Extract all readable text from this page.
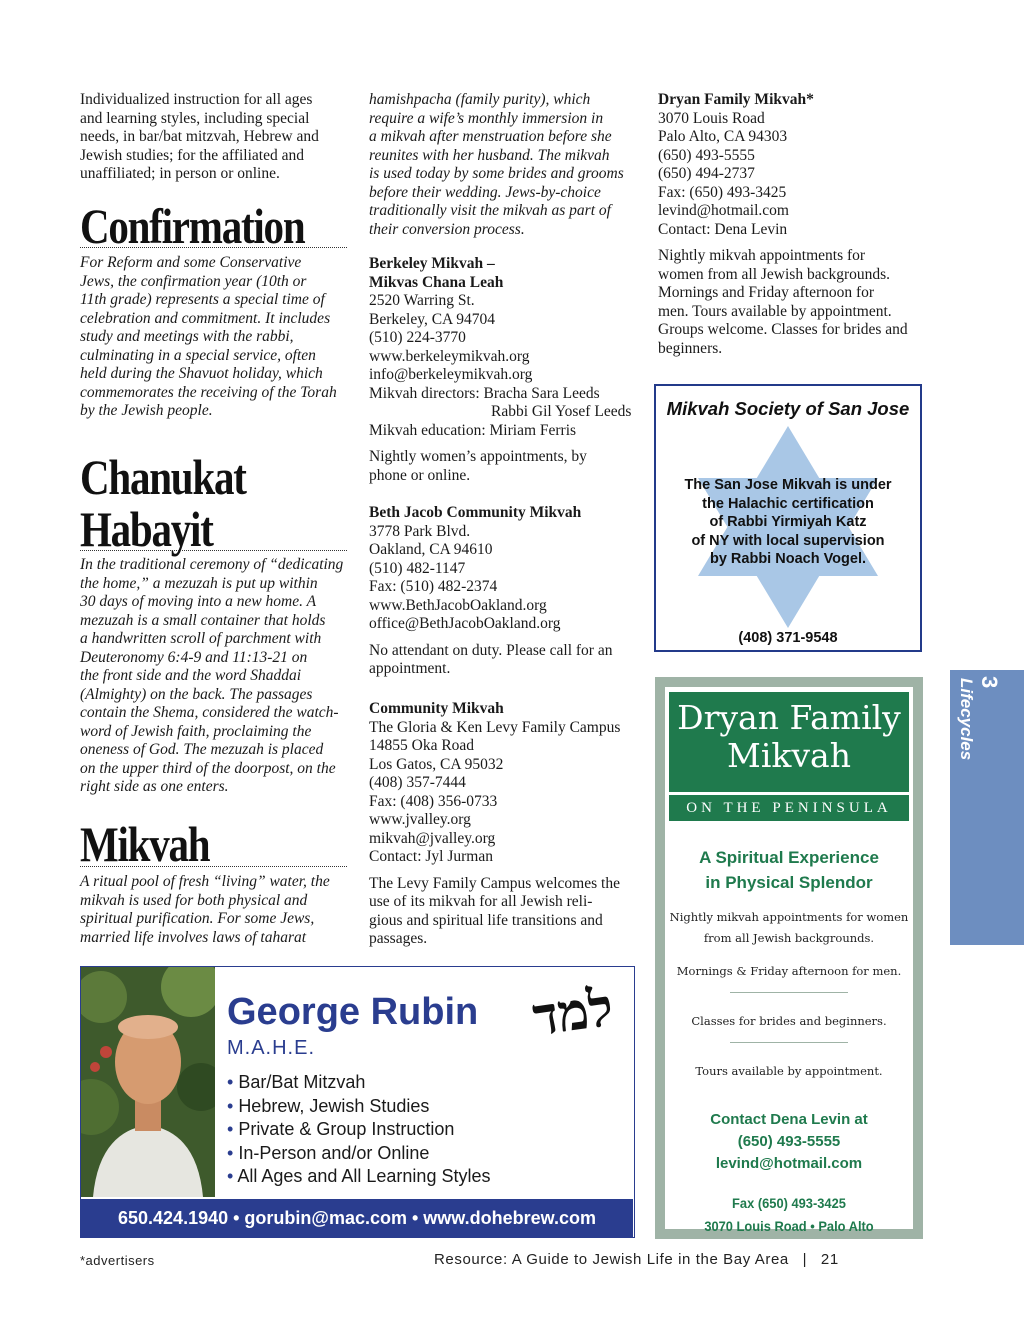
Individualized instruction for all ages
and learning styles, including special
needs, in bar/bat mitzvah, Hebrew and
Jewish studies; for the affiliated and
unaffiliated; in person or online.
Confirmation
For Reform and some Conservative
Jews, the confirmation year (10th or
11th grade) represents a special time of
celebration and commitment. It includes
study and meetings with the rabbi,
culminating in a special service, often
held during the Shavuot holiday, which
commemorates the receiving of the Torah
by the Jewish people.
Chanukat
Habayit
In the traditional ceremony of “dedicating
the home,” a mezuzah is put up within
30 days of moving into a new home. A
mezuzah is a small container that holds
a handwritten scroll of parchment with
Deuteronomy 6:4-9 and 11:13-21 on
the front side and the word Shaddai
(Almighty) on the back. The passages
contain the Shema, considered the watch-
word of Jewish faith, proclaiming the
oneness of God. The mezuzah is placed
on the upper third of the doorpost, on the
right side as one enters.
Mikvah
A ritual pool of fresh “living” water, the
mikvah is used for both physical and
spiritual purification. For some Jews,
married life involves laws of taharat
hamishpacha (family purity), which
require a wife’s monthly immersion in
a mikvah after menstruation before she
reunites with her husband. The mikvah
is used today by some brides and grooms
before their wedding. Jews-by-choice
traditionally visit the mikvah as part of
their conversion process.
Berkeley Mikvah –
Mikvas Chana Leah
2520 Warring St.
Berkeley, CA 94704
(510) 224-3770
www.berkeleymikvah.org
info@berkeleymikvah.org
Mikvah directors: Bracha Sara Leeds
Rabbi Gil Yosef Leeds
Mikvah education: Miriam Ferris
Nightly women’s appointments, by
phone or online.
Beth Jacob Community Mikvah
3778 Park Blvd.
Oakland, CA 94610
(510) 482-1147
Fax: (510) 482-2374
www.BethJacobOakland.org
office@BethJacobOakland.org
No attendant on duty. Please call for an
appointment.
Community Mikvah
The Gloria & Ken Levy Family Campus
14855 Oka Road
Los Gatos, CA 95032
(408) 357-7444
Fax: (408) 356-0733
www.jvalley.org
mikvah@jvalley.org
Contact: Jyl Jurman
The Levy Family Campus welcomes the
use of its mikvah for all Jewish reli-
gious and spiritual life transitions and
passages.
Dryan Family Mikvah*
3070 Louis Road
Palo Alto, CA 94303
(650) 493-5555
(650) 494-2737
Fax: (650) 493-3425
levind@hotmail.com
Contact: Dena Levin
Nightly mikvah appointments for
women from all Jewish backgrounds.
Mornings and Friday afternoon for
men. Tours available by appointment.
Groups welcome. Classes for brides and
beginners.
Mikvah Society of San Jose
The San Jose Mikvah is under
the Halachic certification
of Rabbi Yirmiyah Katz
of NY with local supervision
by Rabbi Noach Vogel.
(408) 371-9548
Dryan Family
Mikvah
ON THE PENINSULA
A Spiritual Experience
in Physical Splendor
Nightly mikvah appointments for women
from all Jewish backgrounds.
Mornings & Friday afternoon for men.
Classes for brides and beginners.
Tours available by appointment.
Contact Dena Levin at
(650) 493-5555
levind@hotmail.com
Fax (650) 493-3425
3070 Louis Road • Palo Alto
3
Lifecycles
George Rubin
M.A.H.E.	למד
• Bar/Bat Mitzvah
• Hebrew, Jewish Studies
• Private & Group Instruction
• In-Person and/or Online
• All Ages and All Learning Styles
650.424.1940 • gorubin@mac.com • www.dohebrew.com
*advertisers	Resource: A Guide to Jewish Life in the Bay Area | 21
